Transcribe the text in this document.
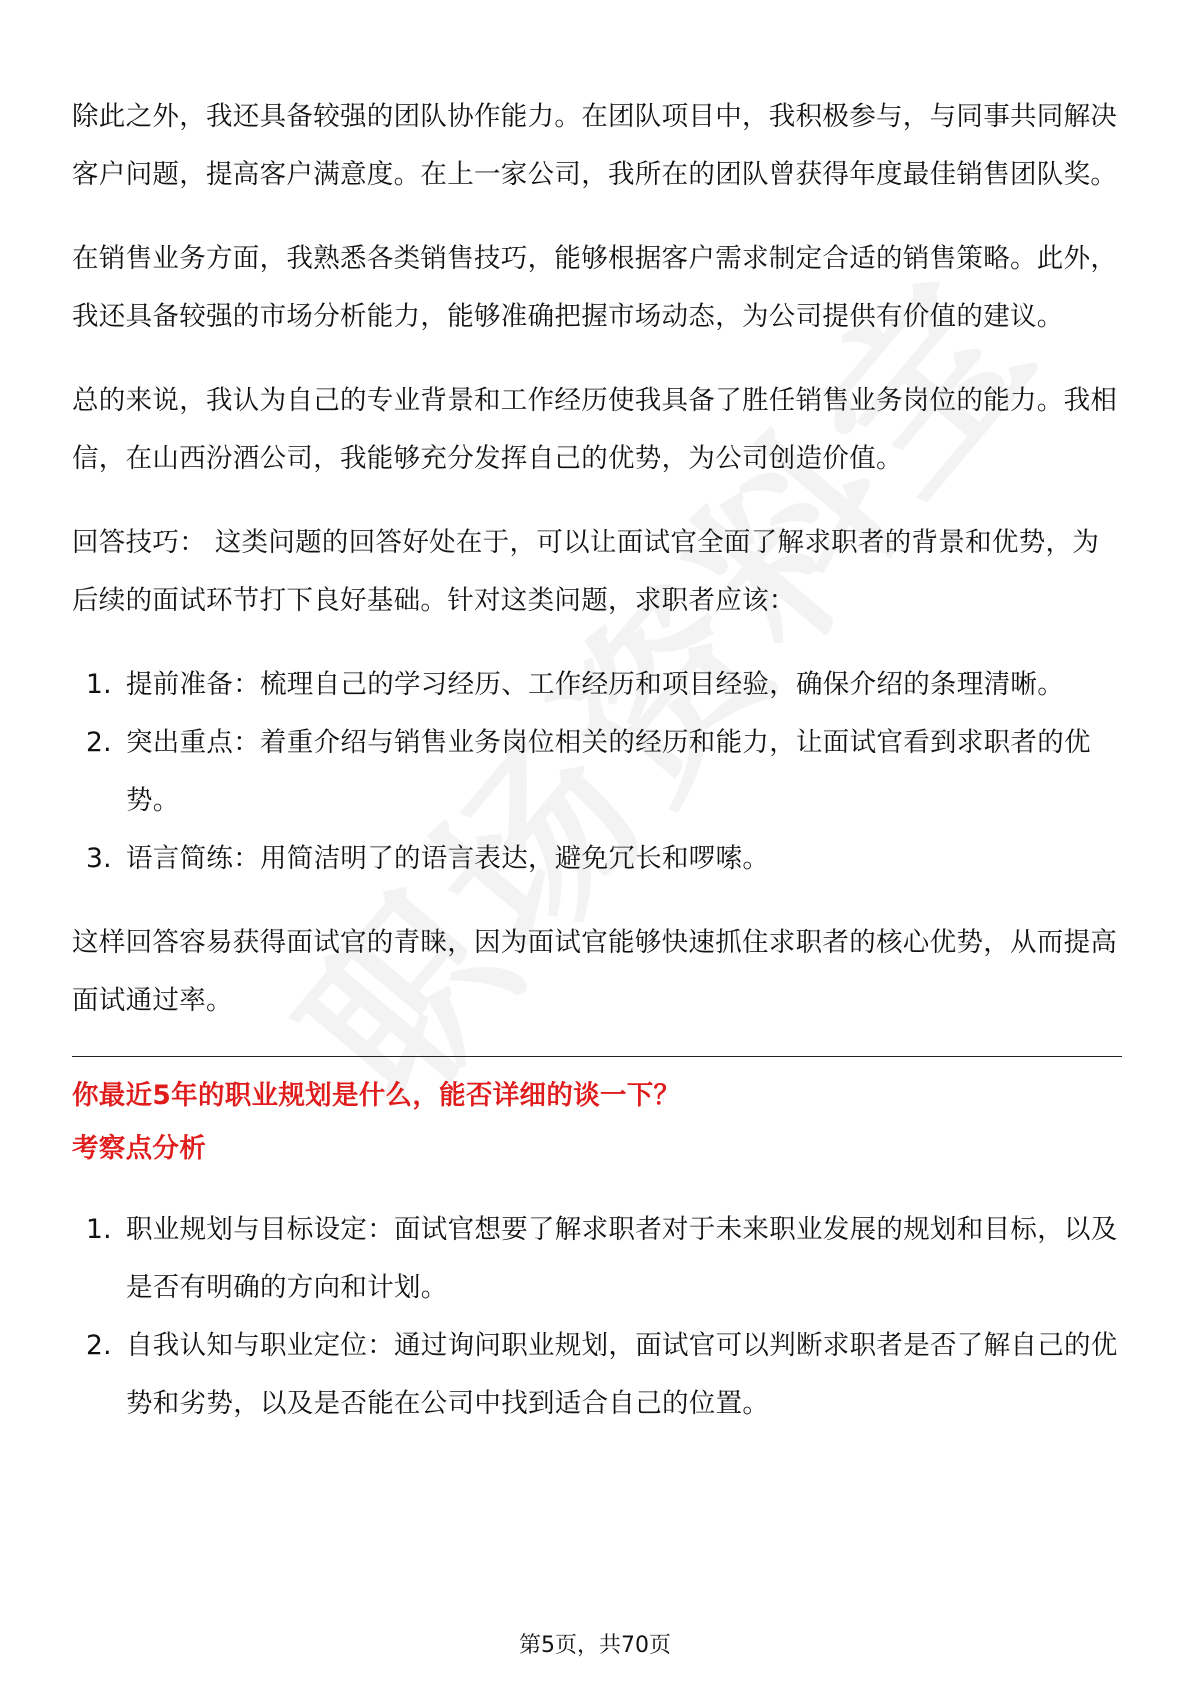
除此之外，我还具备较强的团队协作能力。在团队项目中，我积极参与，与同事共同解决客户问题，提高客户满意度。在上一家公司，我所在的团队曾获得年度最佳销售团队奖。

在销售业务方面，我熟悉各类销售技巧，能够根据客户需求制定合适的销售策略。此外，我还具备较强的市场分析能力，能够准确把握市场动态，为公司提供有价值的建议。

总的来说，我认为自己的专业背景和工作经历使我具备了胜任销售业务岗位的能力。我相信，在山西汾酒公司，我能够充分发挥自己的优势，为公司创造价值。

回答技巧： 这类问题的回答好处在于，可以让面试官全面了解求职者的背景和优势，为后续的面试环节打下良好基础。针对这类问题，求职者应该：

1. 提前准备：梳理自己的学习经历、工作经历和项目经验，确保介绍的条理清晰。
2. 突出重点：着重介绍与销售业务岗位相关的经历和能力，让面试官看到求职者的优势。
3. 语言简练：用简洁明了的语言表达，避免冗长和啰嗦。

这样回答容易获得面试官的青睐，因为面试官能够快速抓住求职者的核心优势，从而提高面试通过率。

你最近5年的职业规划是什么，能否详细的谈一下？
考察点分析
1. 职业规划与目标设定：面试官想要了解求职者对于未来职业发展的规划和目标，以及是否有明确的方向和计划。
2. 自我认知与职业定位：通过询问职业规划，面试官可以判断求职者是否了解自己的优势和劣势，以及是否能在公司中找到适合自己的位置。
第5页，共70页
